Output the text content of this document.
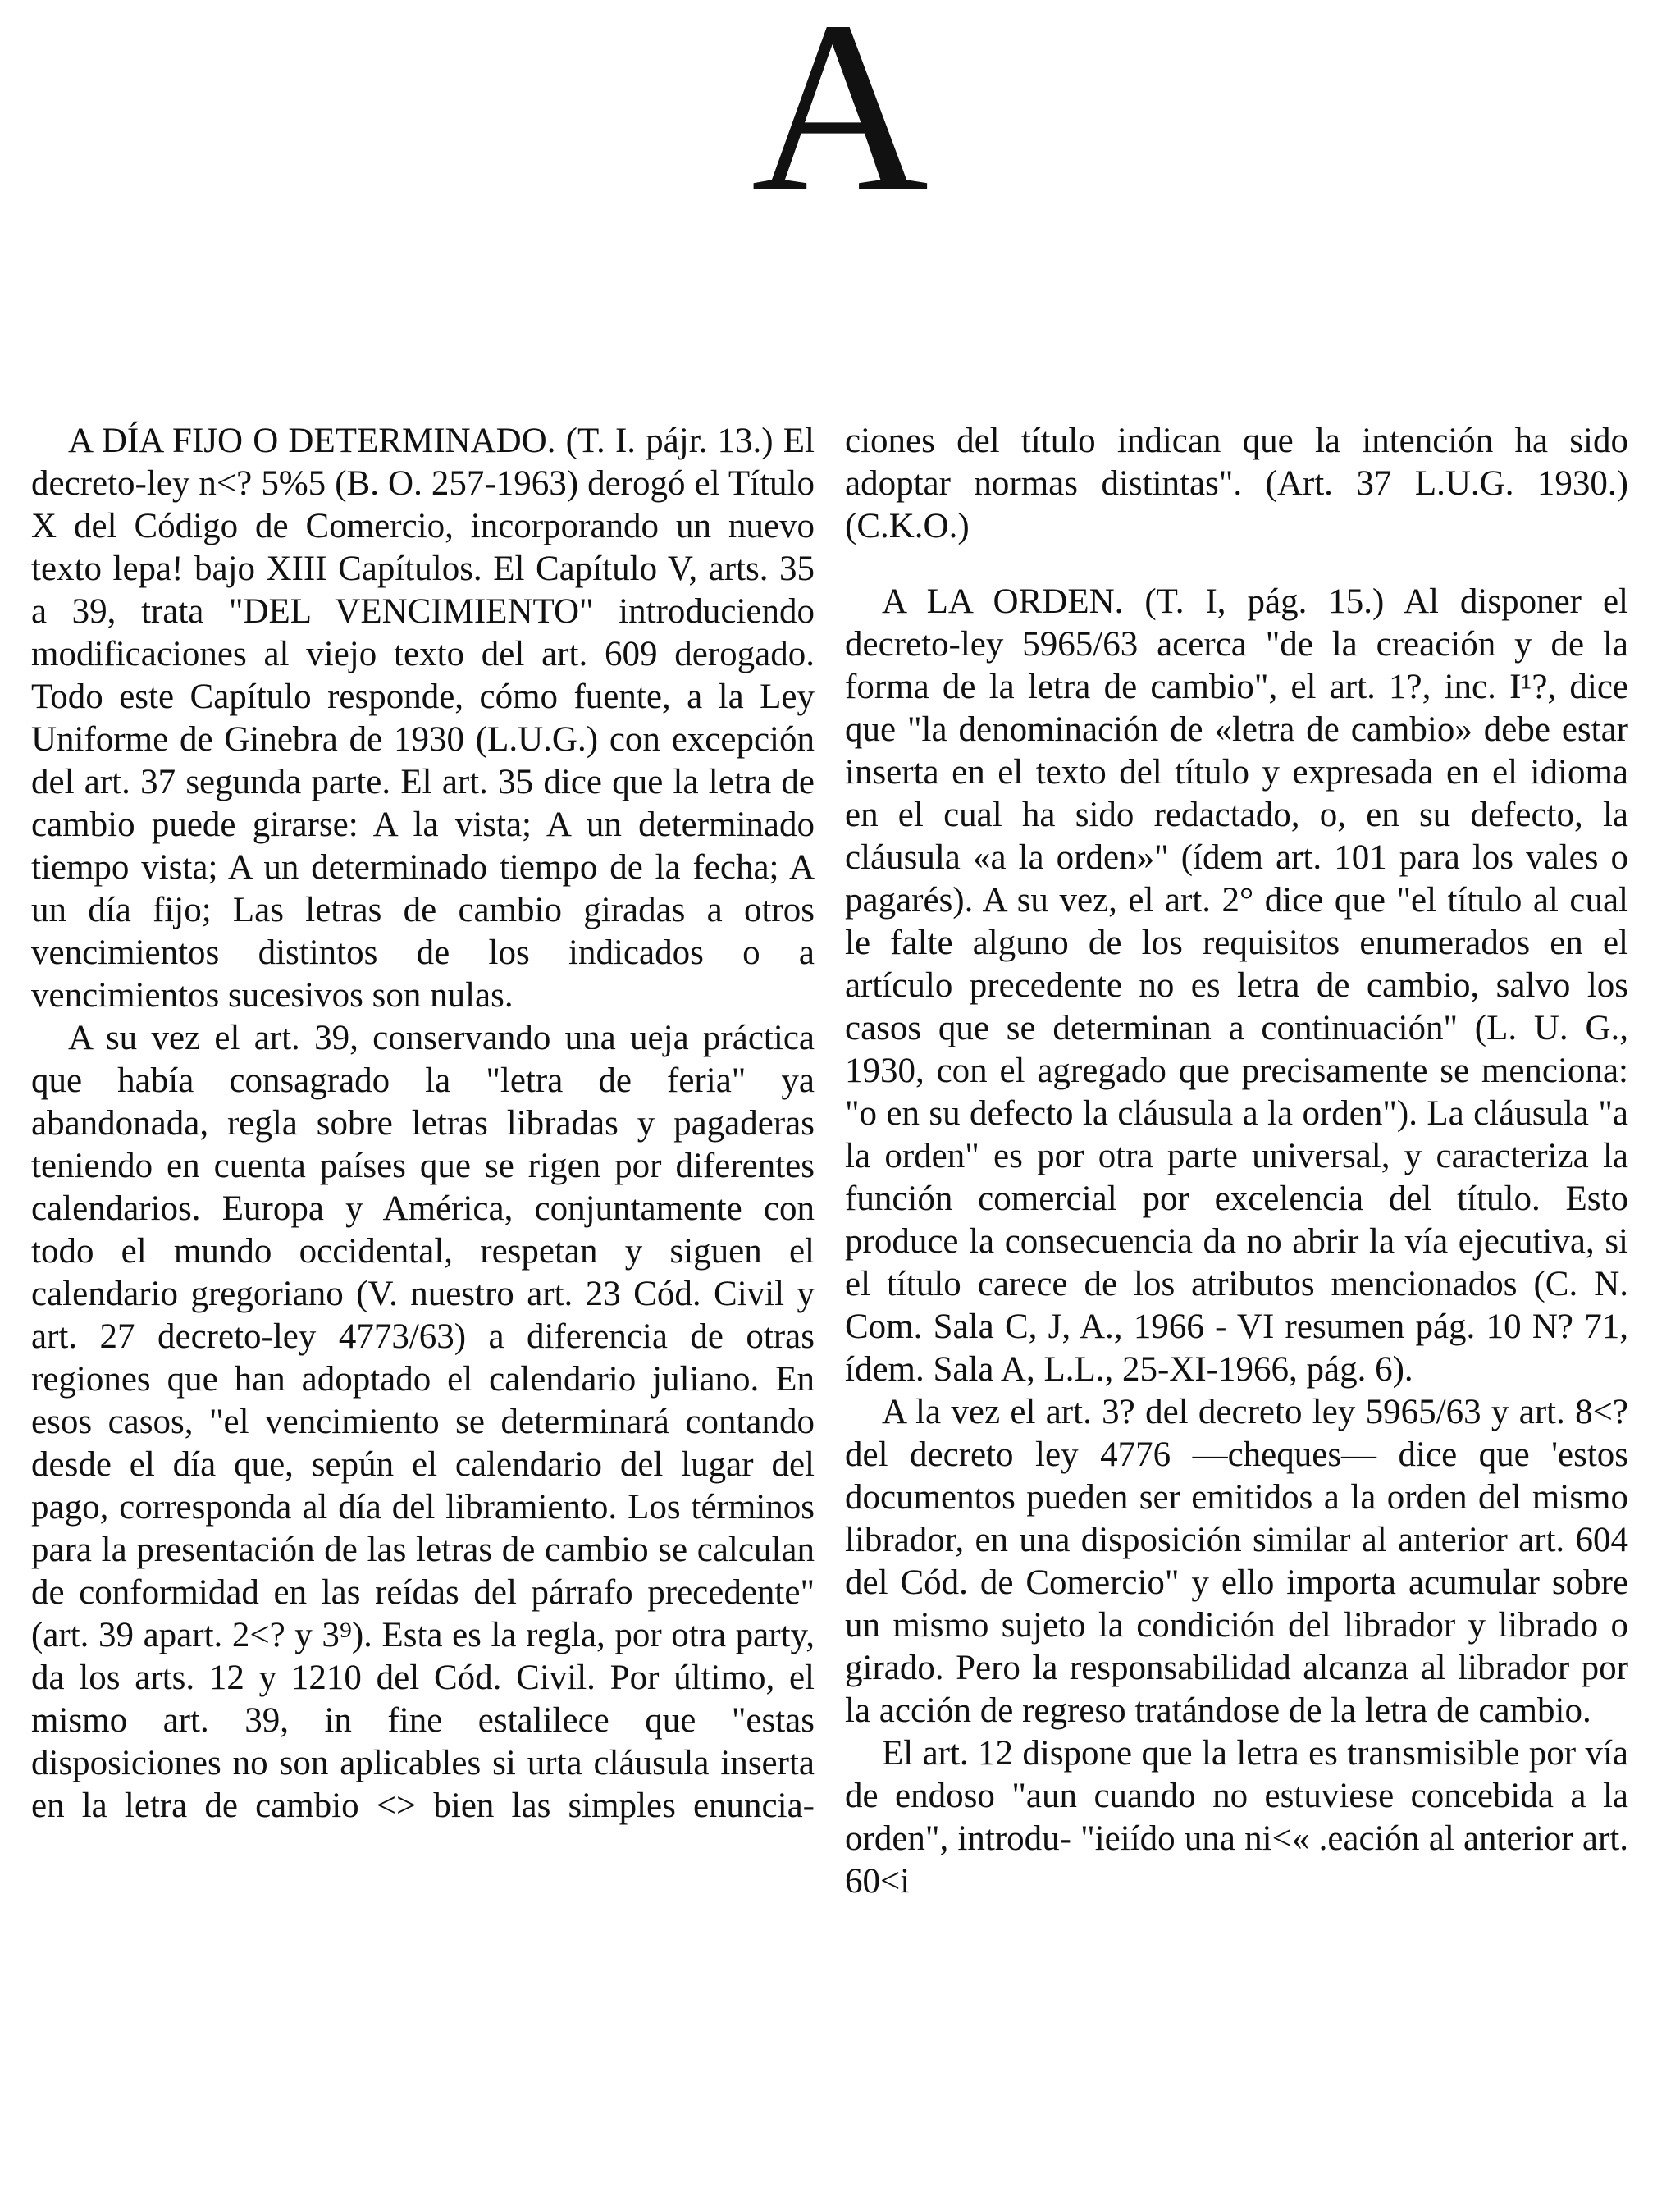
A

A DÍA FIJO O DETERMINADO. (T. I. pájr. 13.) El decreto-ley n<? 5%5 (B. O. 257-1963) derogó el Título X del Código de Comercio, incorporando un nuevo texto lepa! bajo XIII Capítulos. El Capítulo V, arts. 35 a 39, trata "DEL VENCIMIENTO" introduciendo modificaciones al viejo texto del art. 609 derogado. Todo este Capítulo responde, cómo fuente, a la Ley Uniforme de Ginebra de 1930 (L.U.G.) con excepción del art. 37 segunda parte. El art. 35 dice que la letra de cambio puede girarse: A la vista; A un determinado tiempo vista; A un determinado tiempo de la fecha; A un día fijo; Las letras de cambio giradas a otros vencimientos distintos de los indicados o a vencimientos sucesivos son nulas.

A su vez el art. 39, conservando una ueja práctica que había consagrado la "letra de feria" ya abandonada, regla sobre letras libradas y pagaderas teniendo en cuenta países que se rigen por diferentes calendarios. Europa y América, conjuntamente con todo el mundo occidental, respetan y siguen el calendario gregoriano (V. nuestro art. 23 Cód. Civil y art. 27 decreto-ley 4773/63) a diferencia de otras regiones que han adoptado el calendario juliano. En esos casos, "el vencimiento se determinará contando desde el día que, sepún el calendario del lugar del pago, corresponda al día del libramiento. Los términos para la presentación de las letras de cambio se calculan de conformidad en las reídas del párrafo precedente" (art. 39 apart. 2<? y 3⁹). Esta es la regla, por otra party, da los arts. 12 y 1210 del Cód. Civil. Por último, el mismo art. 39, in fine estalilece que "estas disposiciones no son aplicables si urta cláusula inserta en la letra de cambio <> bien las simples enuncia-

ciones del título indican que la intención ha sido adoptar normas distintas". (Art. 37 L.U.G. 1930.) (C.K.O.)

A LA ORDEN. (T. I, pág. 15.) Al disponer el decreto-ley 5965/63 acerca "de la creación y de la forma de la letra de cambio", el art. 1?, inc. I¹?, dice que "la denominación de «letra de cambio» debe estar inserta en el texto del título y expresada en el idioma en el cual ha sido redactado, o, en su defecto, la cláusula «a la orden»" (ídem art. 101 para los vales o pagarés). A su vez, el art. 2° dice que "el título al cual le falte alguno de los requisitos enumerados en el artículo precedente no es letra de cambio, salvo los casos que se determinan a continuación" (L. U. G., 1930, con el agregado que precisamente se menciona: "o en su defecto la cláusula a la orden"). La cláusula "a la orden" es por otra parte universal, y caracteriza la función comercial por excelencia del título. Esto produce la consecuencia da no abrir la vía ejecutiva, si el título carece de los atributos mencionados (C. N. Com. Sala C, J, A., 1966 - VI resumen pág. 10 N? 71, ídem. Sala A, L.L., 25-XI-1966, pág. 6).

A la vez el art. 3? del decreto ley 5965/63 y art. 8<? del decreto ley 4776 —cheques— dice que 'estos documentos pueden ser emitidos a la orden del mismo librador, en una disposición similar al anterior art. 604 del Cód. de Comercio" y ello importa acumular sobre un mismo sujeto la condición del librador y librado o girado. Pero la responsabilidad alcanza al librador por la acción de regreso tratándose de la letra de cambio.

El art. 12 dispone que la letra es transmisible por vía de endoso "aun cuando no estuviese concebida a la orden", introdu- "ieiído una ni<« .eación al anterior art. 60<i
